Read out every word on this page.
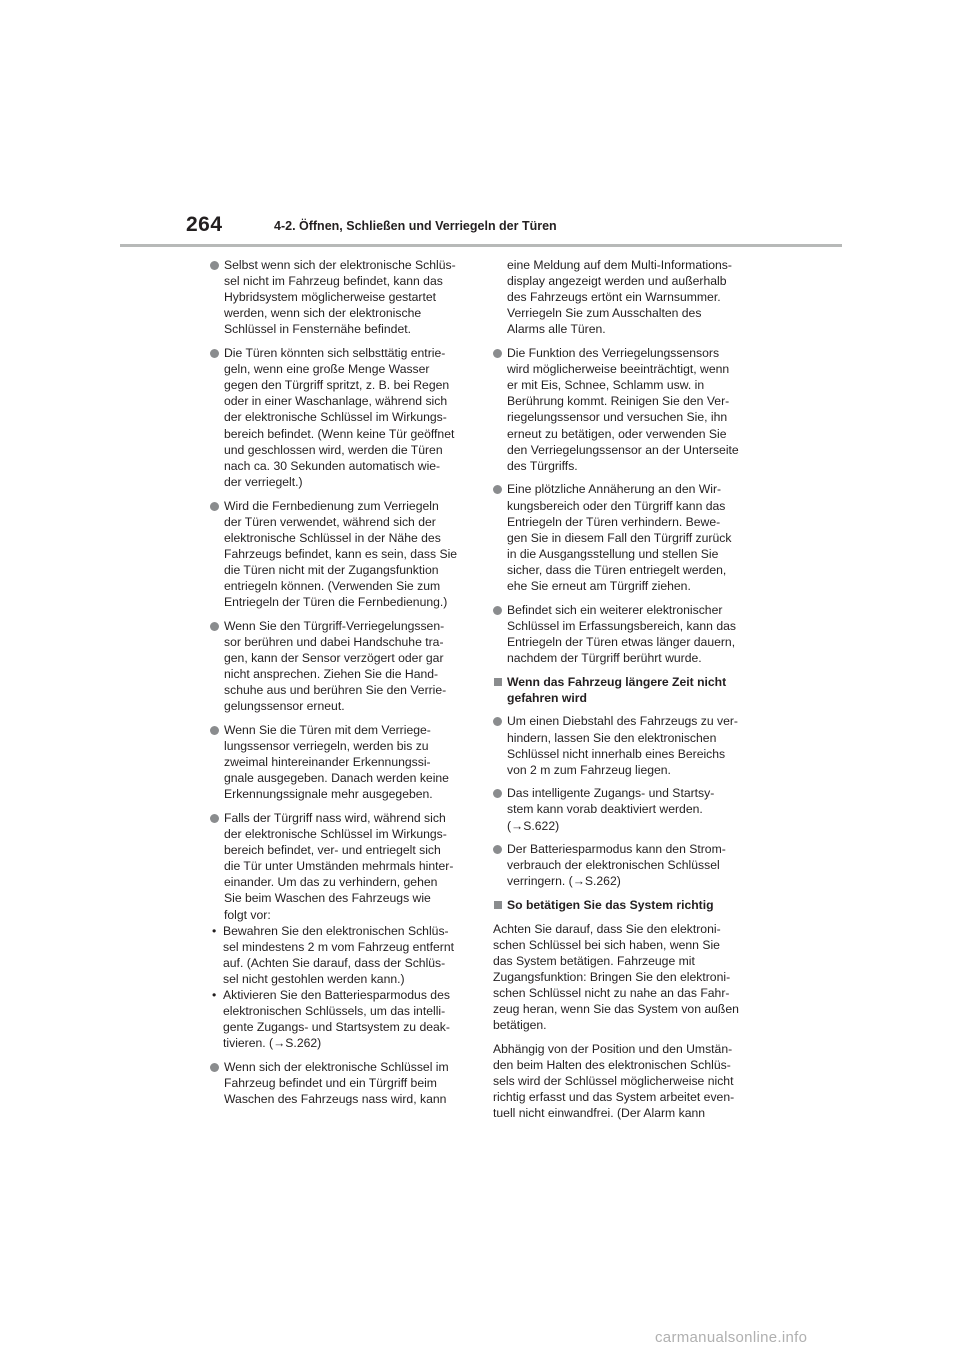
264	4-2. Öffnen, Schließen und Verriegeln der Türen
Selbst wenn sich der elektronische Schlüs-
sel nicht im Fahrzeug befindet, kann das
Hybridsystem möglicherweise gestartet
werden, wenn sich der elektronische
Schlüssel in Fensternähe befindet.
Die Türen könnten sich selbsttätig entrie-
geln, wenn eine große Menge Wasser
gegen den Türgriff spritzt, z. B. bei Regen
oder in einer Waschanlage, während sich
der elektronische Schlüssel im Wirkungs-
bereich befindet. (Wenn keine Tür geöffnet
und geschlossen wird, werden die Türen
nach ca. 30 Sekunden automatisch wie-
der verriegelt.)
Wird die Fernbedienung zum Verriegeln
der Türen verwendet, während sich der
elektronische Schlüssel in der Nähe des
Fahrzeugs befindet, kann es sein, dass Sie
die Türen nicht mit der Zugangsfunktion
entriegeln können. (Verwenden Sie zum
Entriegeln der Türen die Fernbedienung.)
Wenn Sie den Türgriff-Verriegelungssen-
sor berühren und dabei Handschuhe tra-
gen, kann der Sensor verzögert oder gar
nicht ansprechen. Ziehen Sie die Hand-
schuhe aus und berühren Sie den Verrie-
gelungssensor erneut.
Wenn Sie die Türen mit dem Verriege-
lungssensor verriegeln, werden bis zu
zweimal hintereinander Erkennungssi-
gnale ausgegeben. Danach werden keine
Erkennungssignale mehr ausgegeben.
Falls der Türgriff nass wird, während sich
der elektronische Schlüssel im Wirkungs-
bereich befindet, ver- und entriegelt sich
die Tür unter Umständen mehrmals hinter-
einander. Um das zu verhindern, gehen
Sie beim Waschen des Fahrzeugs wie
folgt vor:
• Bewahren Sie den elektronischen Schlüs-
sel mindestens 2 m vom Fahrzeug entfernt
auf. (Achten Sie darauf, dass der Schlüs-
sel nicht gestohlen werden kann.)
• Aktivieren Sie den Batteriesparmodus des
elektronischen Schlüssels, um das intelli-
gente Zugangs- und Startsystem zu deak-
tivieren. (→S.262)
Wenn sich der elektronische Schlüssel im
Fahrzeug befindet und ein Türgriff beim
Waschen des Fahrzeugs nass wird, kann
eine Meldung auf dem Multi-Informations-
display angezeigt werden und außerhalb
des Fahrzeugs ertönt ein Warnsummer.
Verriegeln Sie zum Ausschalten des
Alarms alle Türen.
Die Funktion des Verriegelungssensors
wird möglicherweise beeinträchtigt, wenn
er mit Eis, Schnee, Schlamm usw. in
Berührung kommt. Reinigen Sie den Ver-
riegelungssensor und versuchen Sie, ihn
erneut zu betätigen, oder verwenden Sie
den Verriegelungssensor an der Unterseite
des Türgriffs.
Eine plötzliche Annäherung an den Wir-
kungsbereich oder den Türgriff kann das
Entriegeln der Türen verhindern. Bewe-
gen Sie in diesem Fall den Türgriff zurück
in die Ausgangsstellung und stellen Sie
sicher, dass die Türen entriegelt werden,
ehe Sie erneut am Türgriff ziehen.
Befindet sich ein weiterer elektronischer
Schlüssel im Erfassungsbereich, kann das
Entriegeln der Türen etwas länger dauern,
nachdem der Türgriff berührt wurde.
Wenn das Fahrzeug längere Zeit nicht
gefahren wird
Um einen Diebstahl des Fahrzeugs zu ver-
hindern, lassen Sie den elektronischen
Schlüssel nicht innerhalb eines Bereichs
von 2 m zum Fahrzeug liegen.
Das intelligente Zugangs- und Startsy-
stem kann vorab deaktiviert werden.
(→S.622)
Der Batteriesparmodus kann den Strom-
verbrauch der elektronischen Schlüssel
verringern. (→S.262)
So betätigen Sie das System richtig
Achten Sie darauf, dass Sie den elektroni-
schen Schlüssel bei sich haben, wenn Sie
das System betätigen. Fahrzeuge mit
Zugangsfunktion: Bringen Sie den elektroni-
schen Schlüssel nicht zu nahe an das Fahr-
zeug heran, wenn Sie das System von außen
betätigen.
Abhängig von der Position und den Umstän-
den beim Halten des elektronischen Schlüs-
sels wird der Schlüssel möglicherweise nicht
richtig erfasst und das System arbeitet even-
tuell nicht einwandfrei. (Der Alarm kann
carmanualsonline.info
